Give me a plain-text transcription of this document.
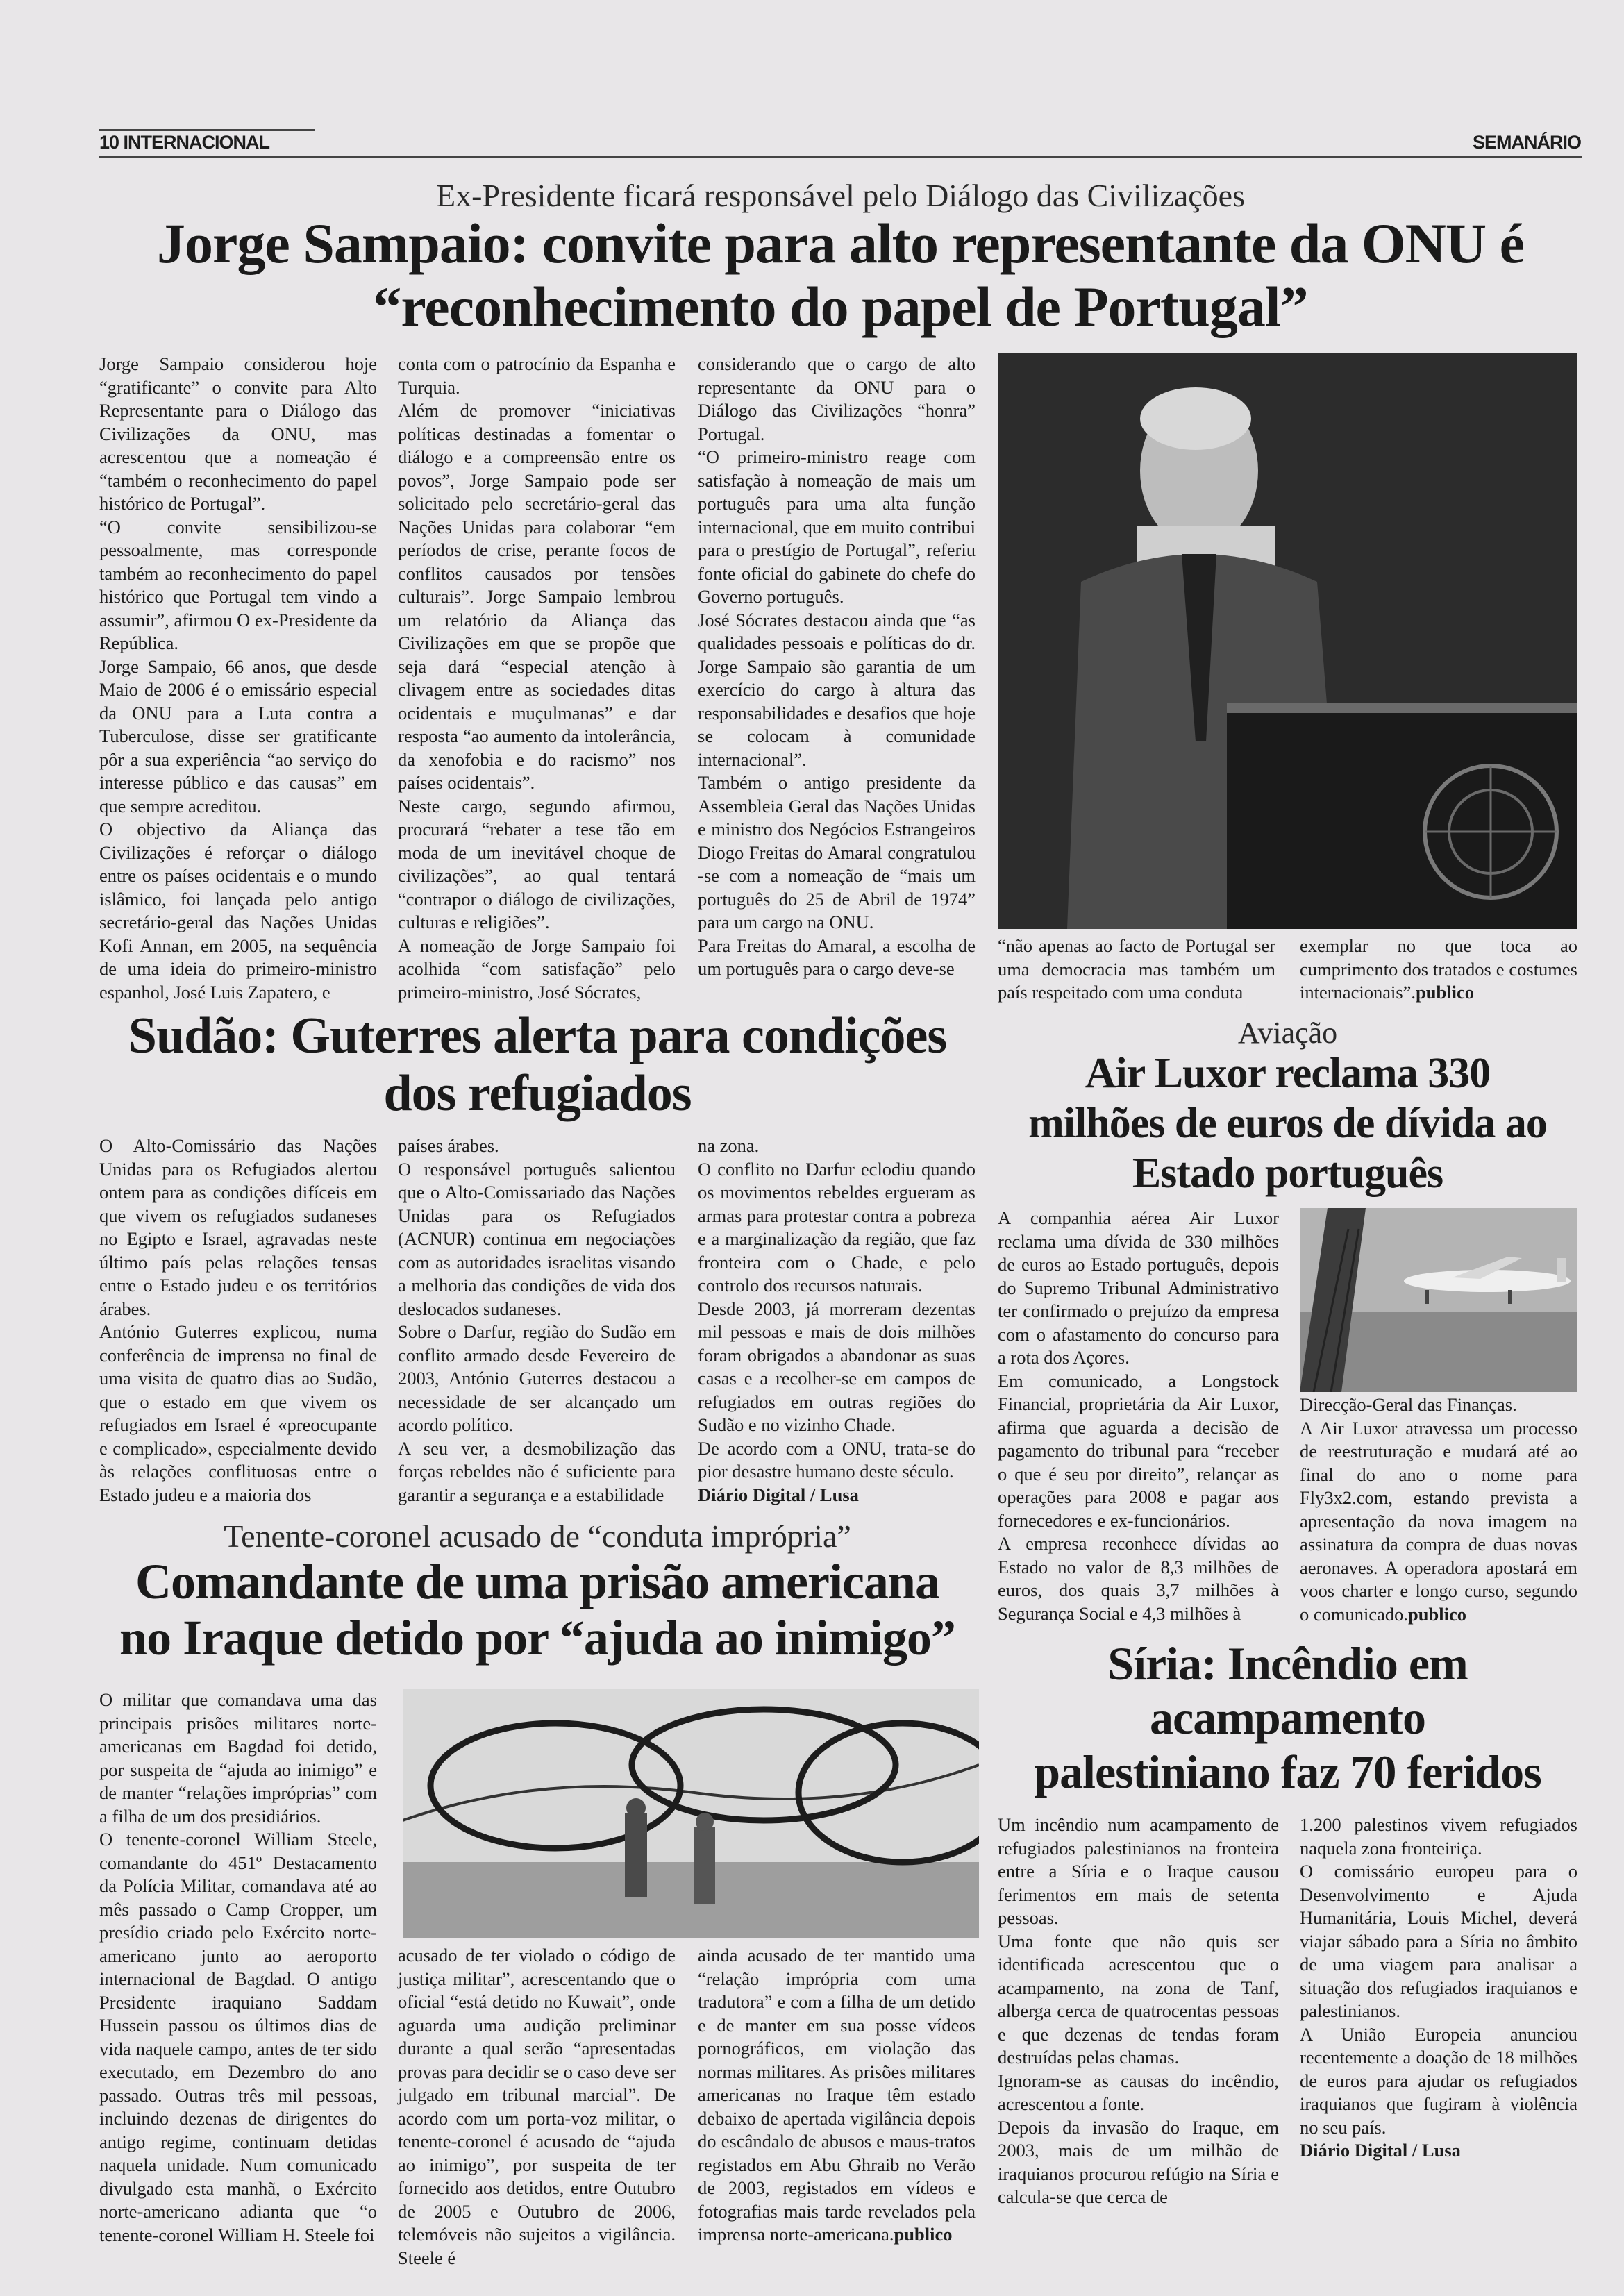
10 INTERNACIONAL	SEMANÁRIO
Ex-Presidente ficará responsável pelo Diálogo das Civilizações
Jorge Sampaio: convite para alto representante da ONU é
“reconhecimento do papel de Portugal”

Jorge Sampaio considerou hoje “gratificante” o convite para Alto Representante para o Diálogo das Civilizações da ONU, mas acrescentou que a nomeação é “também o reconhecimento do papel histórico de Portugal”.

“O convite sensibilizou-se pessoalmente, mas corresponde também ao reconhecimento do papel histórico que Portugal tem vindo a assumir”, afirmou O ex-Presidente da República.

Jorge Sampaio, 66 anos, que desde Maio de 2006 é o emissário especial da ONU para a Luta contra a Tuberculose, disse ser gratificante pôr a sua experiência “ao serviço do interesse público e das causas” em que sempre acreditou.

O objectivo da Aliança das Civilizações é reforçar o diálogo entre os países ocidentais e o mundo islâmico, foi lançada pelo antigo secretário-geral das Nações Unidas Kofi Annan, em 2005, na sequência de uma ideia do primeiro-ministro espanhol, José Luis Zapatero, e

conta com o patrocínio da Espanha e Turquia.

Além de promover “iniciativas políticas destinadas a fomentar o diálogo e a compreensão entre os povos”, Jorge Sampaio pode ser solicitado pelo secretário-geral das Nações Unidas para colaborar “em períodos de crise, perante focos de conflitos causados por tensões culturais”. Jorge Sampaio lembrou um relatório da Aliança das Civilizações em que se propõe que seja dará “especial atenção à clivagem entre as sociedades ditas ocidentais e muçulmanas” e dar resposta “ao aumento da intolerância, da xenofobia e do racismo” nos países ocidentais”.

Neste cargo, segundo afirmou, procurará “rebater a tese tão em moda de um inevitável choque de civilizações”, ao qual tentará “contrapor o diálogo de civilizações, culturas e religiões”.

A nomeação de Jorge Sampaio foi acolhida “com satisfação” pelo primeiro-ministro, José Sócrates,

considerando que o cargo de alto representante da ONU para o Diálogo das Civilizações “honra” Portugal.

“O primeiro-ministro reage com satisfação à nomeação de mais um português para uma alta função internacional, que em muito contribui para o prestígio de Portugal”, referiu fonte oficial do gabinete do chefe do Governo português.

José Sócrates destacou ainda que “as qualidades pessoais e políticas do dr. Jorge Sampaio são garantia de um exercício do cargo à altura das responsabilidades e desafios que hoje se colocam à comunidade internacional”.

Também o antigo presidente da Assembleia Geral das Nações Unidas e ministro dos Negócios Estrangeiros Diogo Freitas do Amaral congratulou -se com a nomeação de “mais um português do 25 de Abril de 1974” para um cargo na ONU.

Para Freitas do Amaral, a escolha de um português para o cargo deve-se

“não apenas ao facto de Portugal ser uma democracia mas também um país respeitado com uma conduta

exemplar no que toca ao cumprimento dos tratados e costumes internacionais”.publico

Sudão: Guterres alerta para condições
dos refugiados

O Alto-Comissário das Nações Unidas para os Refugiados alertou ontem para as condições difíceis em que vivem os refugiados sudaneses no Egipto e Israel, agravadas neste último país pelas relações tensas entre o Estado judeu e os territórios árabes.

António Guterres explicou, numa conferência de imprensa no final de uma visita de quatro dias ao Sudão, que o estado em que vivem os refugiados em Israel é «preocupante e complicado», especialmente devido às relações conflituosas entre o Estado judeu e a maioria dos

países árabes.

O responsável português salientou que o Alto-Comissariado das Nações Unidas para os Refugiados (ACNUR) continua em negociações com as autoridades israelitas visando a melhoria das condições de vida dos deslocados sudaneses.

Sobre o Darfur, região do Sudão em conflito armado desde Fevereiro de 2003, António Guterres destacou a necessidade de ser alcançado um acordo político.

A seu ver, a desmobilização das forças rebeldes não é suficiente para garantir a segurança e a estabilidade

na zona.

O conflito no Darfur eclodiu quando os movimentos rebeldes ergueram as armas para protestar contra a pobreza e a marginalização da região, que faz fronteira com o Chade, e pelo controlo dos recursos naturais.

Desde 2003, já morreram dezentas mil pessoas e mais de dois milhões foram obrigados a abandonar as suas casas e a recolher-se em campos de refugiados em outras regiões do Sudão e no vizinho Chade.

De acordo com a ONU, trata-se do pior desastre humano deste século.

Diário Digital / Lusa

Aviação
Air Luxor reclama 330
milhões de euros de dívida ao
Estado português

A companhia aérea Air Luxor reclama uma dívida de 330 milhões de euros ao Estado português, depois do Supremo Tribunal Administrativo ter confirmado o prejuízo da empresa com o afastamento do concurso para a rota dos Açores.

Em comunicado, a Longstock Financial, proprietária da Air Luxor, afirma que aguarda a decisão de pagamento do tribunal para “receber o que é seu por direito”, relançar as operações para 2008 e pagar aos fornecedores e ex-funcionários.

A empresa reconhece dívidas ao Estado no valor de 8,3 milhões de euros, dos quais 3,7 milhões à Segurança Social e 4,3 milhões à

Direcção-Geral das Finanças.

A Air Luxor atravessa um processo de reestruturação e mudará até ao final do ano o nome para Fly3x2.com, estando prevista a apresentação da nova imagem na assinatura da compra de duas novas aeronaves. A operadora apostará em voos charter e longo curso, segundo o comunicado.publico

Tenente-coronel acusado de “conduta imprópria”
Comandante de uma prisão americana
no Iraque detido por “ajuda ao inimigo”

O militar que comandava uma das principais prisões militares norte-americanas em Bagdad foi detido, por suspeita de “ajuda ao inimigo” e de manter “relações impróprias” com a filha de um dos presidiários.

O tenente-coronel William Steele, comandante do 451º Destacamento da Polícia Militar, comandava até ao mês passado o Camp Cropper, um presídio criado pelo Exército norte-americano junto ao aeroporto internacional de Bagdad. O antigo Presidente iraquiano Saddam Hussein passou os últimos dias de vida naquele campo, antes de ter sido executado, em Dezembro do ano passado. Outras três mil pessoas, incluindo dezenas de dirigentes do antigo regime, continuam detidas naquela unidade. Num comunicado divulgado esta manhã, o Exército norte-americano adianta que “o tenente-coronel William H. Steele foi

acusado de ter violado o código de justiça militar”, acrescentando que o oficial “está detido no Kuwait”, onde aguarda uma audição preliminar durante a qual serão “apresentadas provas para decidir se o caso deve ser julgado em tribunal marcial”. De acordo com um porta-voz militar, o tenente-coronel é acusado de “ajuda ao inimigo”, por suspeita de ter fornecido aos detidos, entre Outubro de 2005 e Outubro de 2006, telemóveis não sujeitos a vigilância. Steele é

ainda acusado de ter mantido uma “relação imprópria com uma tradutora” e com a filha de um detido e de manter em sua posse vídeos pornográficos, em violação das normas militares. As prisões militares americanas no Iraque têm estado debaixo de apertada vigilância depois do escândalo de abusos e maus-tratos registados em Abu Ghraib no Verão de 2003, registados em vídeos e fotografias mais tarde revelados pela imprensa norte-americana.publico

Síria: Incêndio em
acampamento
palestiniano faz 70 feridos

Um incêndio num acampamento de refugiados palestinianos na fronteira entre a Síria e o Iraque causou ferimentos em mais de setenta pessoas.

Uma fonte que não quis ser identificada acrescentou que o acampamento, na zona de Tanf, alberga cerca de quatrocentas pessoas e que dezenas de tendas foram destruídas pelas chamas.

Ignoram-se as causas do incêndio, acrescentou a fonte.

Depois da invasão do Iraque, em 2003, mais de um milhão de iraquianos procurou refúgio na Síria e calcula-se que cerca de

1.200 palestinos vivem refugiados naquela zona fronteiriça.

O comissário europeu para o Desenvolvimento e Ajuda Humanitária, Louis Michel, deverá viajar sábado para a Síria no âmbito de uma viagem para analisar a situação dos refugiados iraquianos e palestinianos.

A União Europeia anunciou recentemente a doação de 18 milhões de euros para ajudar os refugiados iraquianos que fugiram à violência no seu país.

Diário Digital / Lusa
